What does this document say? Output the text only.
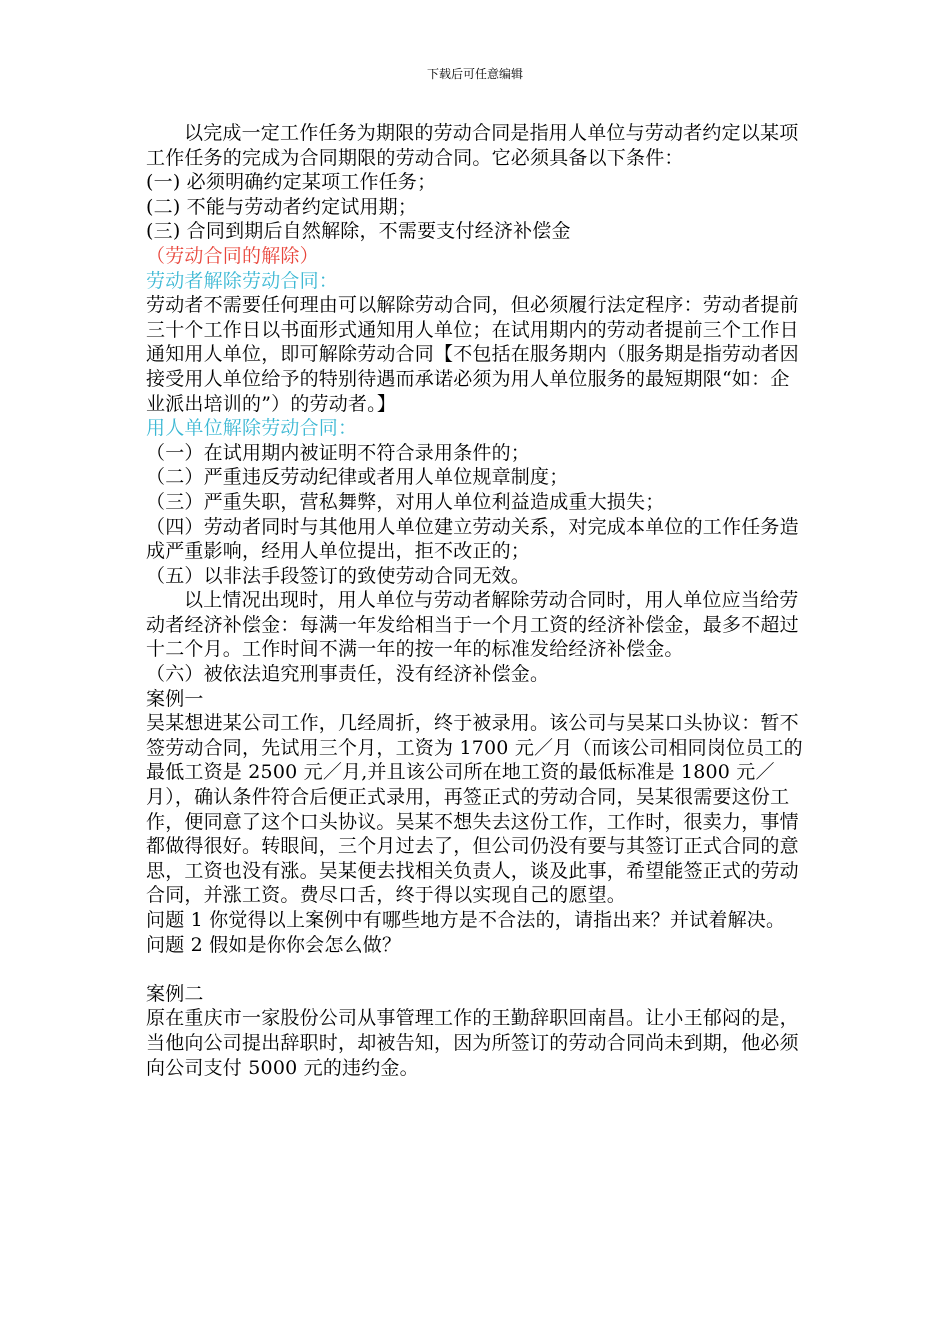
下载后可任意编辑

以完成一定工作任务为期限的劳动合同是指用人单位与劳动者约定以某项工作任务的完成为合同期限的劳动合同。它必须具备以下条件：

(一) 必须明确约定某项工作任务；

(二) 不能与劳动者约定试用期；

(三) 合同到期后自然解除，不需要支付经济补偿金

（劳动合同的解除）

劳动者解除劳动合同：

劳动者不需要任何理由可以解除劳动合同，但必须履行法定程序：劳动者提前三十个工作日以书面形式通知用人单位；在试用期内的劳动者提前三个工作日通知用人单位，即可解除劳动合同【不包括在服务期内（服务期是指劳动者因接受用人单位给予的特别待遇而承诺必须为用人单位服务的最短期限“如：企业派出培训的”）的劳动者。】

用人单位解除劳动合同：

（一）在试用期内被证明不符合录用条件的；

（二）严重违反劳动纪律或者用人单位规章制度；

（三）严重失职，营私舞弊，对用人单位利益造成重大损失；

（四）劳动者同时与其他用人单位建立劳动关系，对完成本单位的工作任务造成严重影响，经用人单位提出，拒不改正的；

（五）以非法手段签订的致使劳动合同无效。

以上情况出现时，用人单位与劳动者解除劳动合同时，用人单位应当给劳动者经济补偿金：每满一年发给相当于一个月工资的经济补偿金，最多不超过十二个月。工作时间不满一年的按一年的标准发给经济补偿金。

（六）被依法追究刑事责任，没有经济补偿金。

案例一

吴某想进某公司工作，几经周折，终于被录用。该公司与吴某口头协议：暂不签劳动合同，先试用三个月，工资为 1700 元／月（而该公司相同岗位员工的最低工资是 2500 元／月,并且该公司所在地工资的最低标准是 1800 元／月），确认条件符合后便正式录用，再签正式的劳动合同，吴某很需要这份工作，便同意了这个口头协议。吴某不想失去这份工作，工作时，很卖力，事情都做得很好。转眼间，三个月过去了，但公司仍没有要与其签订正式合同的意思，工资也没有涨。吴某便去找相关负责人，谈及此事，希望能签正式的劳动合同，并涨工资。费尽口舌，终于得以实现自己的愿望。

问题 1 你觉得以上案例中有哪些地方是不合法的，请指出来？并试着解决。

问题 2 假如是你你会怎么做？

案例二

原在重庆市一家股份公司从事管理工作的王勤辞职回南昌。让小王郁闷的是，当他向公司提出辞职时，却被告知，因为所签订的劳动合同尚未到期，他必须向公司支付 5000 元的违约金。
